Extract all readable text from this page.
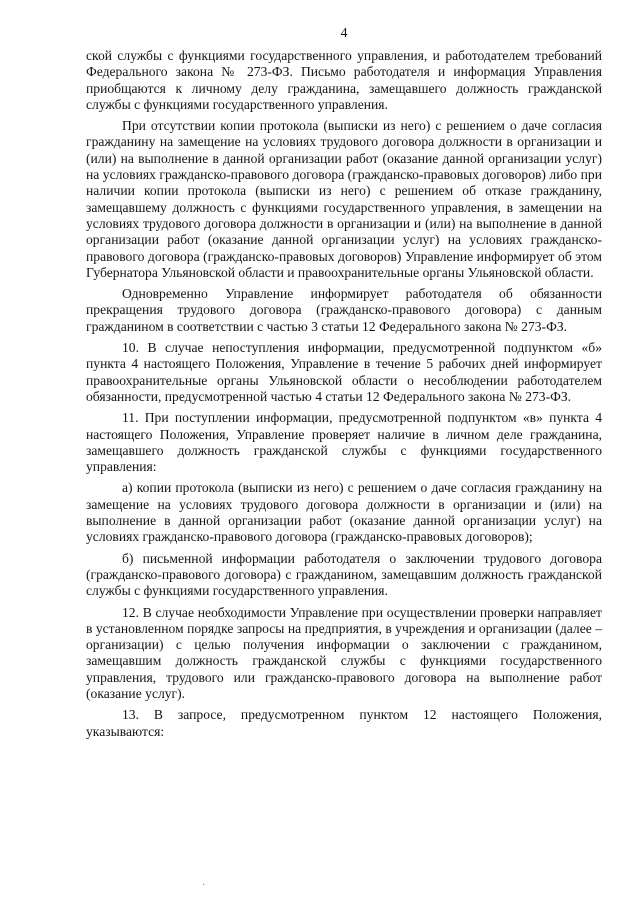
4

ской службы с функциями государственного управления, и работодателем требований Федерального закона № 273-ФЗ. Письмо работодателя и информация Управления приобщаются к личному делу гражданина, замещавшего должность гражданской службы с функциями государственного управления.

При отсутствии копии протокола (выписки из него) с решением о даче согласия гражданину на замещение на условиях трудового договора должности в организации и (или) на выполнение в данной организации работ (оказание данной организации услуг) на условиях гражданско-правового договора (гражданско-правовых договоров) либо при наличии копии протокола (выписки из него) с решением об отказе гражданину, замещавшему должность с функциями государственного управления, в замещении на условиях трудового договора должности в организации и (или) на выполнение в данной организации работ (оказание данной организации услуг) на условиях гражданско-правового договора (гражданско-правовых договоров) Управление информирует об этом Губернатора Ульяновской области и правоохранительные органы Ульяновской области.

Одновременно Управление информирует работодателя об обязанности прекращения трудового договора (гражданско-правового договора) с данным гражданином в соответствии с частью 3 статьи 12 Федерального закона № 273-ФЗ.

10. В случае непоступления информации, предусмотренной подпунктом «б» пункта 4 настоящего Положения, Управление в течение 5 рабочих дней информирует правоохранительные органы Ульяновской области о несоблюдении работодателем обязанности, предусмотренной частью 4 статьи 12 Федерального закона № 273-ФЗ.

11. При поступлении информации, предусмотренной подпунктом «в» пункта 4 настоящего Положения, Управление проверяет наличие в личном деле гражданина, замещавшего должность гражданской службы с функциями государственного управления:

а) копии протокола (выписки из него) с решением о даче согласия гражданину на замещение на условиях трудового договора должности в организации и (или) на выполнение в данной организации работ (оказание данной организации услуг) на условиях гражданско-правового договора (гражданско-правовых договоров);

б) письменной информации работодателя о заключении трудового договора (гражданско-правового договора) с гражданином, замещавшим должность гражданской службы с функциями государственного управления.

12. В случае необходимости Управление при осуществлении проверки направляет в установленном порядке запросы на предприятия, в учреждения и организации (далее – организации) с целью получения информации о заключении с гражданином, замещавшим должность гражданской службы с функциями государственного управления, трудового или гражданско-правового договора на выполнение работ (оказание услуг).

13. В запросе, предусмотренном пунктом 12 настоящего Положения, указываются:

·
